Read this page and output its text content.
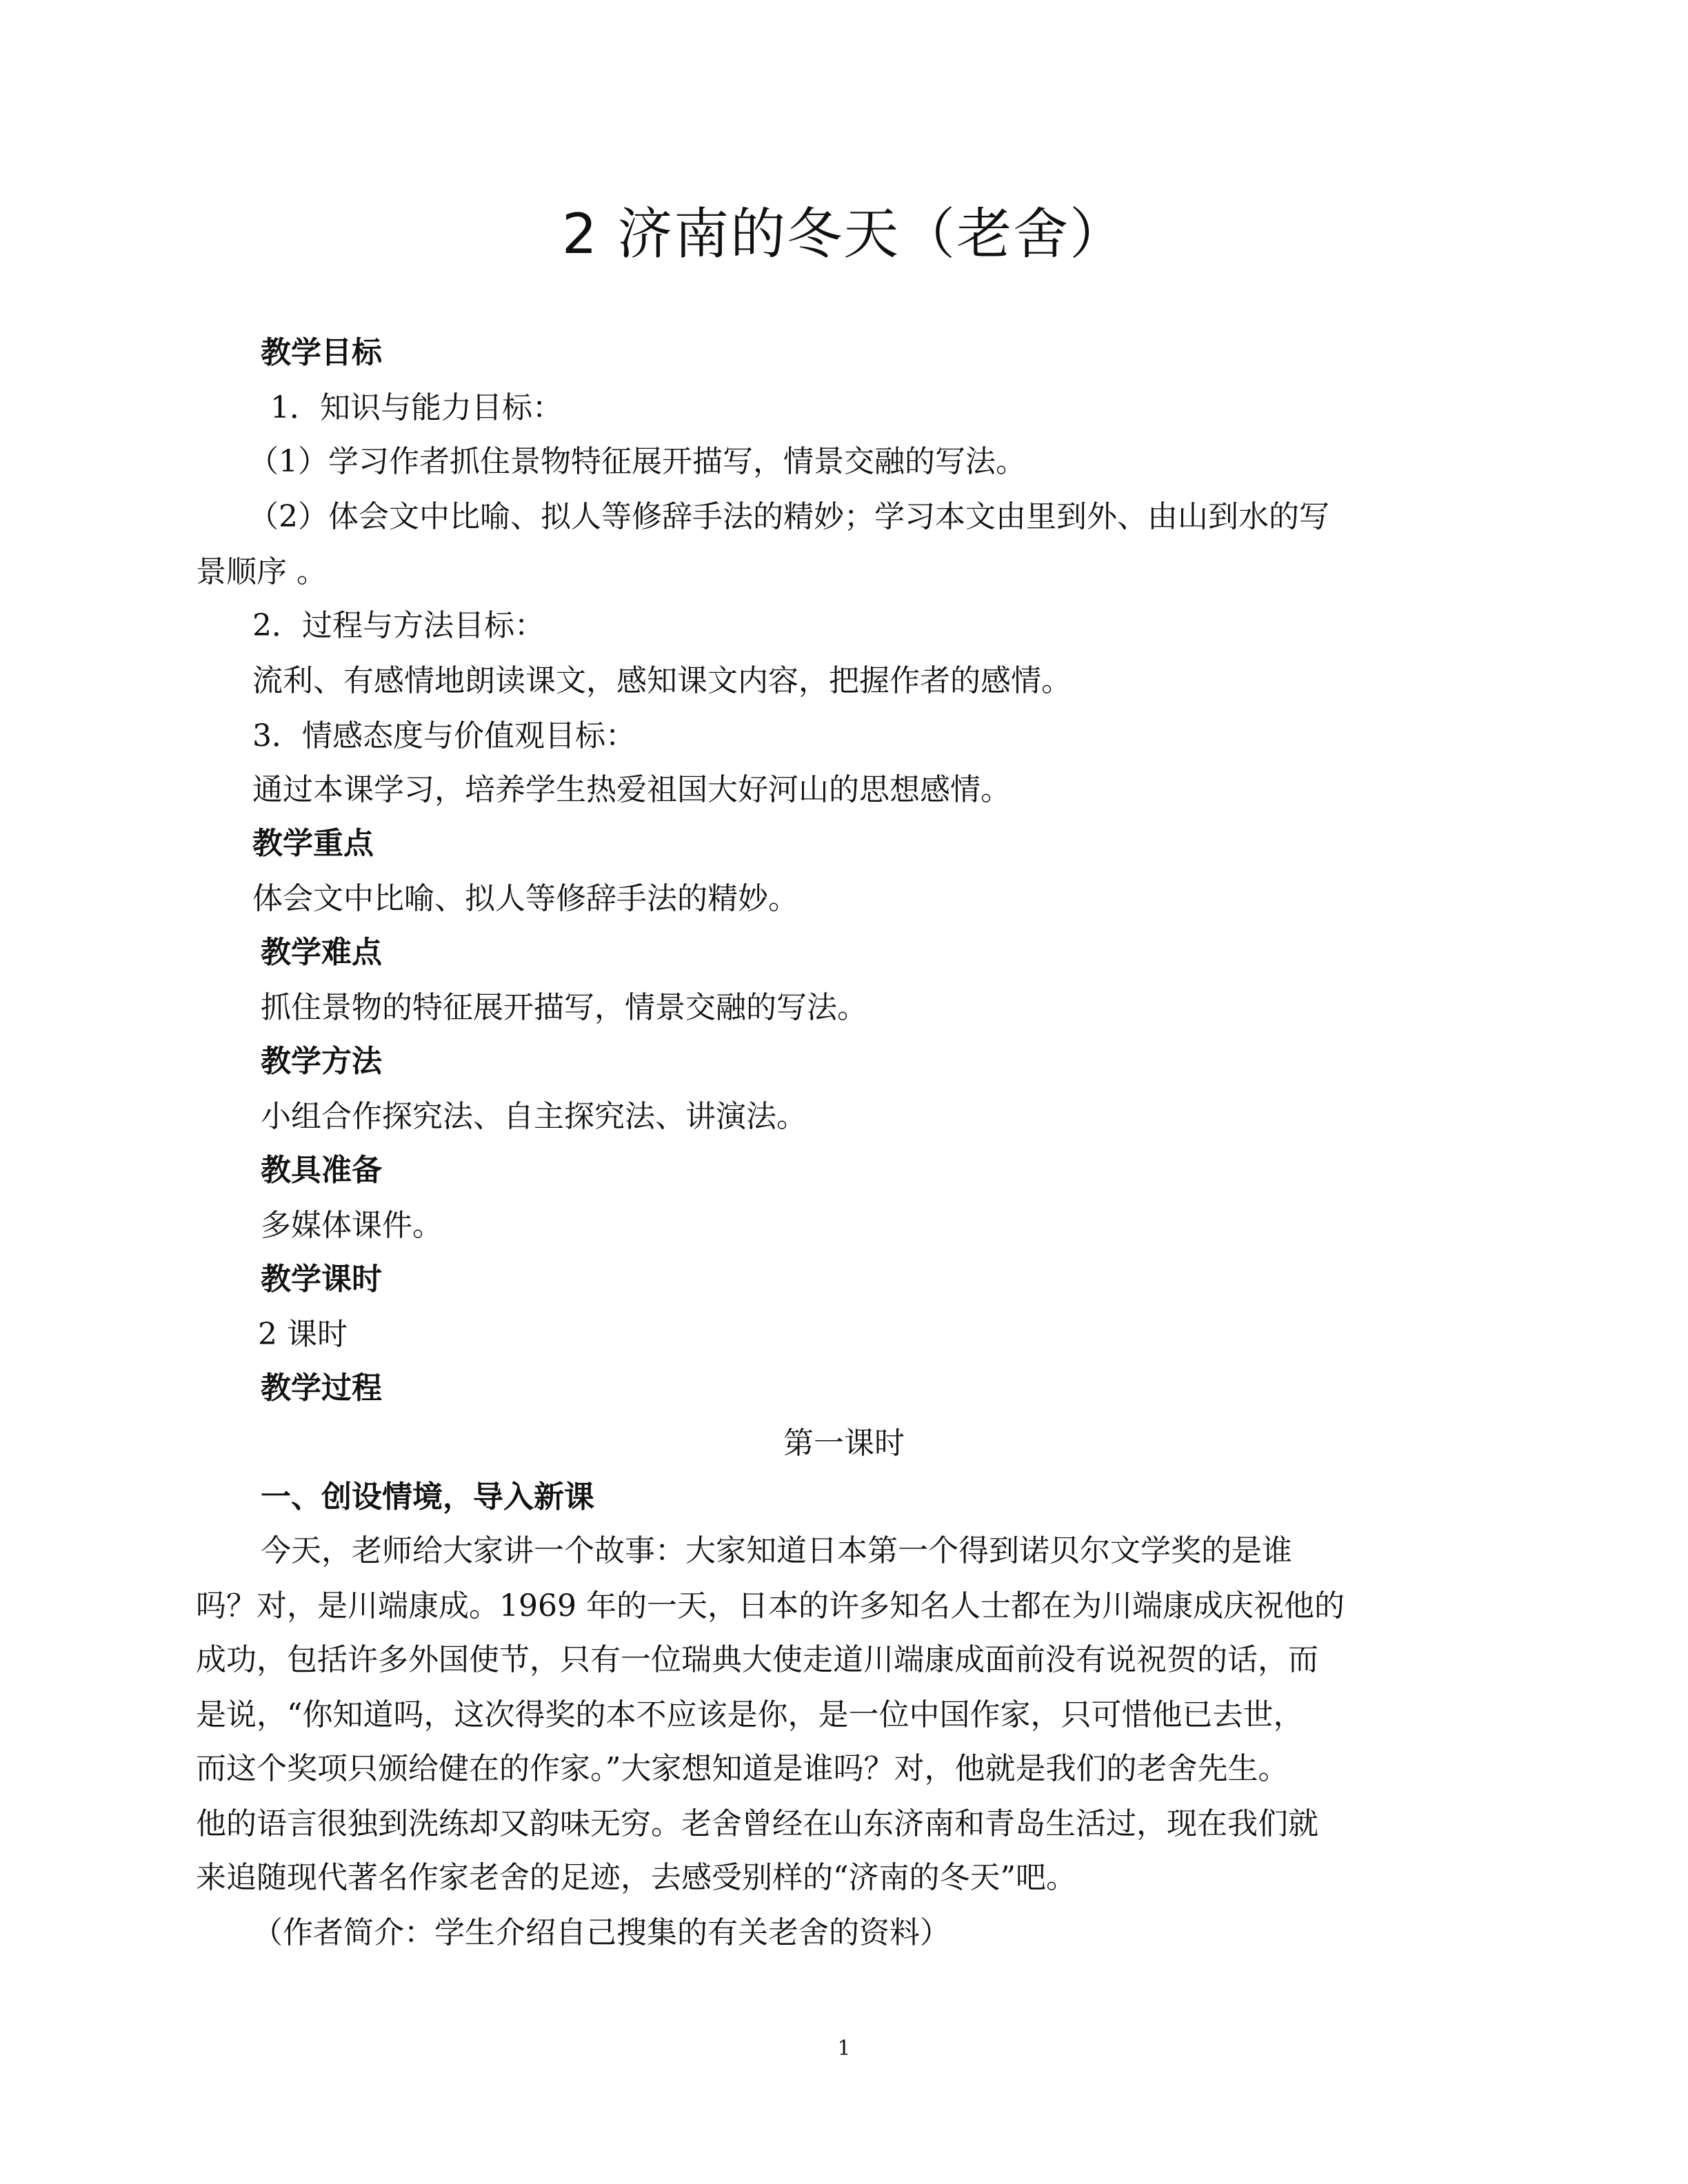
2 济南的冬天（老舍）
教学目标
1．知识与能力目标：
（1）学习作者抓住景物特征展开描写，情景交融的写法。
（2）体会文中比喻、拟人等修辞手法的精妙；学习本文由里到外、由山到水的写
景顺序 。
2．过程与方法目标：
流利、有感情地朗读课文，感知课文内容，把握作者的感情。
3．情感态度与价值观目标：
通过本课学习，培养学生热爱祖国大好河山的思想感情。
教学重点
体会文中比喻、拟人等修辞手法的精妙。
教学难点
抓住景物的特征展开描写，情景交融的写法。
教学方法
小组合作探究法、自主探究法、讲演法。
教具准备
多媒体课件。
教学课时
2 课时
教学过程
第一课时
一、创设情境，导入新课
今天，老师给大家讲一个故事：大家知道日本第一个得到诺贝尔文学奖的是谁
吗？对，是川端康成。1969 年的一天，日本的许多知名人士都在为川端康成庆祝他的
成功，包括许多外国使节，只有一位瑞典大使走道川端康成面前没有说祝贺的话，而
是说，“你知道吗，这次得奖的本不应该是你，是一位中国作家，只可惜他已去世，
而这个奖项只颁给健在的作家。”大家想知道是谁吗？对，他就是我们的老舍先生。
他的语言很独到洗练却又韵味无穷。老舍曾经在山东济南和青岛生活过，现在我们就
来追随现代著名作家老舍的足迹，去感受别样的“济南的冬天”吧。
（作者简介：学生介绍自己搜集的有关老舍的资料）
1
